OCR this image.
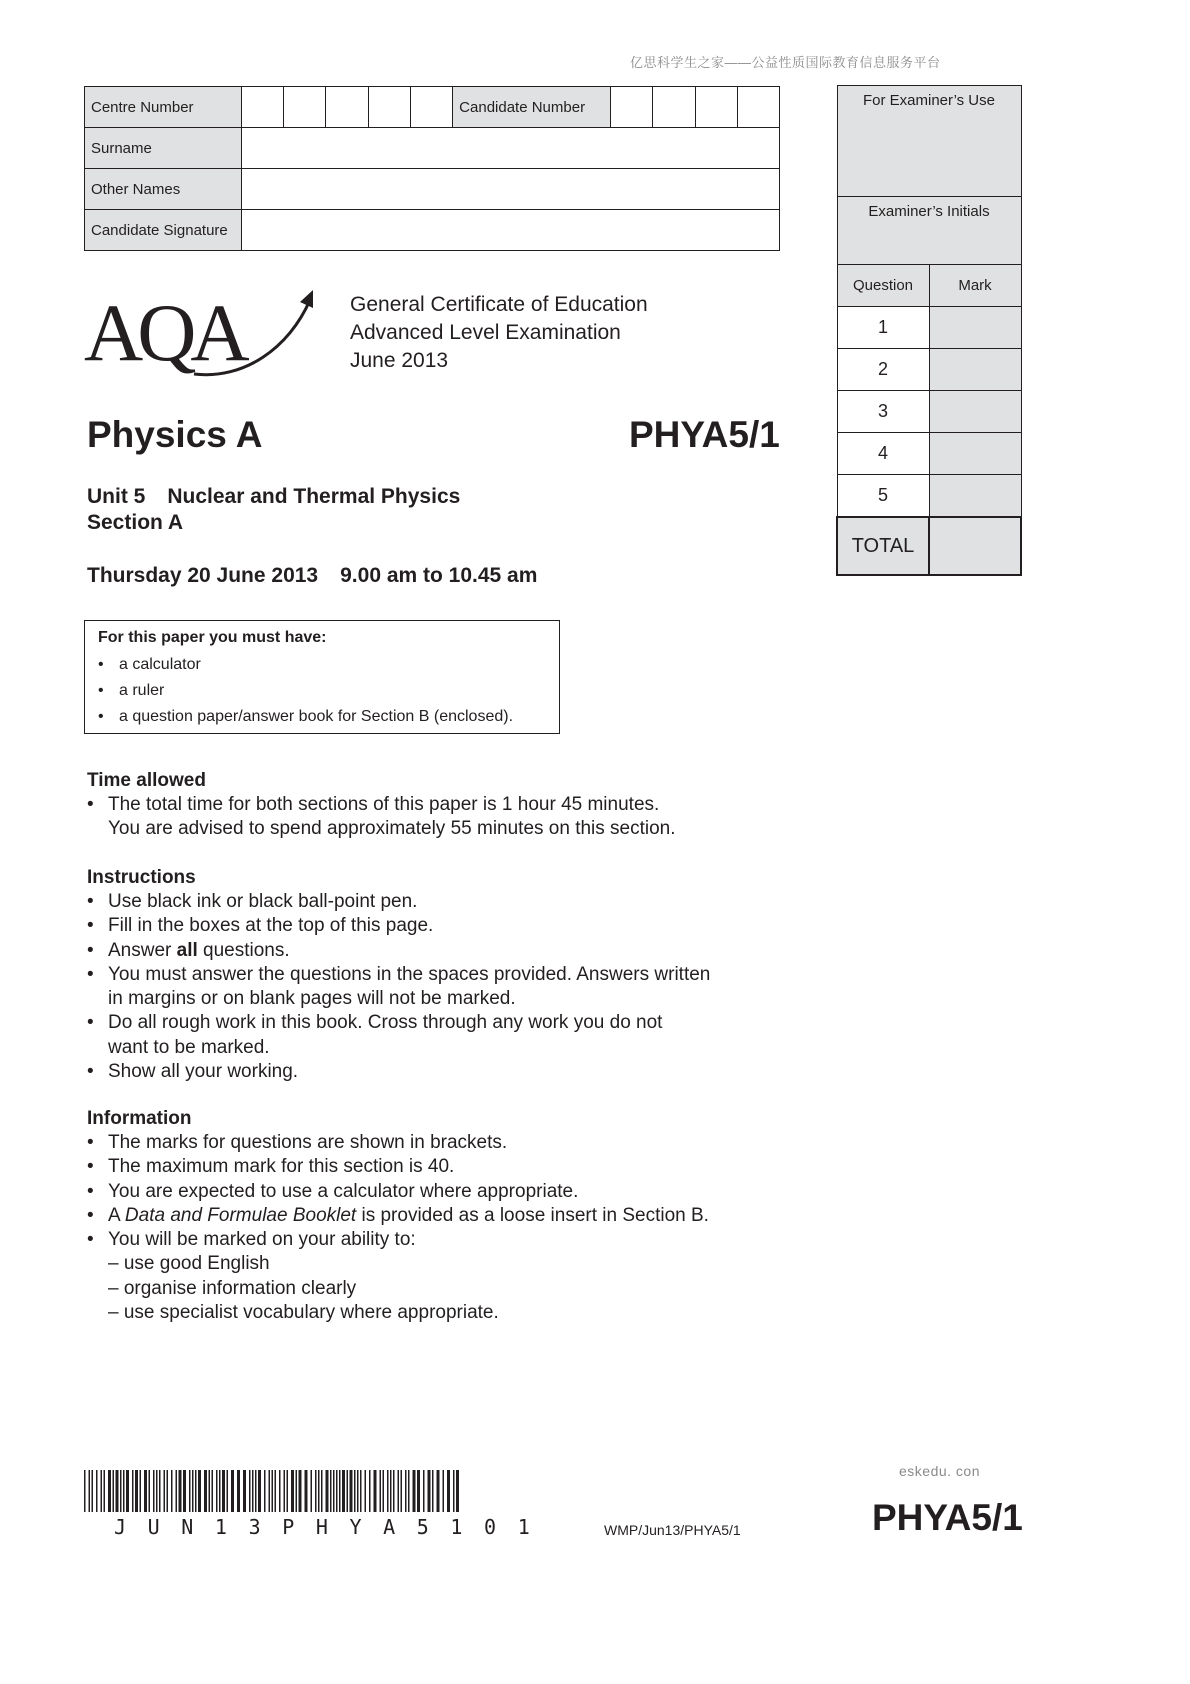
亿思科学生之家——公益性质国际教育信息服务平台
Centre Number						Candidate Number				
Surname										
Other Names										
Candidate Signature										
For Examiner’s Use	
Examiner’s Initials	
Question	Mark
1	
2	
3	
4	
5	
TOTAL	
AQA	General Certificate of Education
Advanced Level Examination
June 2013
Physics A	PHYA5/1
Unit 5 Nuclear and Thermal Physics
Section A
Thursday 20 June 2013 9.00 am to 10.45 am
For this paper you must have:
• a calculator
• a ruler
• a question paper/answer book for Section B (enclosed).
Time allowed
• The total time for both sections of this paper is 1 hour 45 minutes.
You are advised to spend approximately 55 minutes on this section.
Instructions
• Use black ink or black ball-point pen.
• Fill in the boxes at the top of this page.
• Answer all questions.
• You must answer the questions in the spaces provided. Answers written
in margins or on blank pages will not be marked.
• Do all rough work in this book. Cross through any work you do not
want to be marked.
• Show all your working.
Information
• The marks for questions are shown in brackets.
• The maximum mark for this section is 40.
• You are expected to use a calculator where appropriate.
• A Data and Formulae Booklet is provided as a loose insert in Section B.
• You will be marked on your ability to:
– use good English
– organise information clearly
– use specialist vocabulary where appropriate.
JUN13PHYA5101
eskedu. con
WMP/Jun13/PHYA5/1	PHYA5/1
